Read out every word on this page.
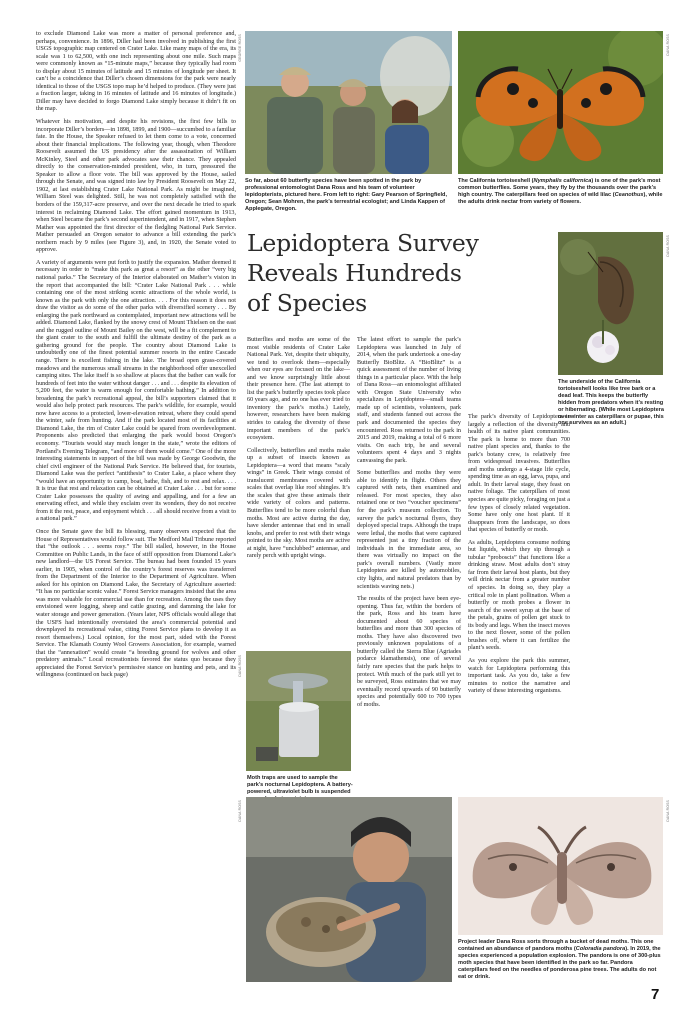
to exclude Diamond Lake was more a matter of personal preference and, perhaps, convenience. In 1896, Diller had been involved in publishing the first USGS topographic map centered on Crater Lake. Like many maps of the era, its scale was 1 to 62,500, with one inch representing about one mile. Such maps were commonly known as “15-minute maps,” because they typically had room to display about 15 minutes of latitude and 15 minutes of longitude per sheet. It can’t be a coincidence that Diller’s chosen dimensions for the park were nearly identical to those of the USGS topo map he’d helped to produce. (They were just a fraction larger, taking in 16 minutes of latitude and 16 minutes of longitude.) Diller may have decided to forgo Diamond Lake simply because it didn’t fit on the map.

Whatever his motivation, and despite his revisions, the first few bills to incorporate Diller’s borders—in 1898, 1899, and 1900—succumbed to a familiar fate. In the House, the Speaker refused to let them come to a vote, concerned about their financial implications. The following year, though, when Theodore Roosevelt assumed the US presidency after the assassination of William McKinley, Steel and other park advocates saw their chance. They appealed directly to the conservation-minded president, who, in turn, pressured the Speaker to allow a floor vote. The bill was approved by the House, sailed through the Senate, and was signed into law by President Roosevelt on May 22, 1902, at last establishing Crater Lake National Park. As might be imagined, William Steel was delighted. Still, he was not completely satisfied with the borders of the 159,317-acre preserve, and over the next decade he tried to spark interest in reclaiming Diamond Lake. The effort gained momentum in 1913, when Steel became the park’s second superintendent, and in 1917, when Stephen Mather was appointed the first director of the fledgling National Park Service. Mather persuaded an Oregon senator to advance a bill extending the park’s northern reach by 9 miles (see Figure 3), and, in 1920, the Senate voted to approve.

A variety of arguments were put forth to justify the expansion. Mather deemed it necessary in order to “make this park as great a resort” as the other “very big national parks.” The Secretary of the Interior elaborated on Mather’s vision in the report that accompanied the bill: “Crater Lake National Park . . . while containing one of the most striking scenic attractions of the whole world, is known as the park with only the one attraction. . . . For this reason it does not draw the visitor as do some of the other parks with diversified scenery . . . By enlarging the park northward as contemplated, important new attractions will be added. Diamond Lake, flanked by the snowy crest of Mount Thielsen on the east and the rugged outline of Mount Bailey on the west, will be a fit complement to the giant crater to the south and fulfill the ultimate destiny of the park as a gathering ground for the people. The country about Diamond Lake is undoubtedly one of the finest potential summer resorts in the entire Cascade range. There is excellent fishing in the lake. The broad open grass-covered meadows and the numerous small streams in the neighborhood offer unexcelled camping sites. The lake itself is so shallow at places that the bather can walk for hundreds of feet into the water without danger . . . and . . . despite its elevation of 5,200 feet, the water is warm enough for comfortable bathing.” In addition to broadening the park’s recreational appeal, the bill’s supporters claimed that it would also help protect park resources. The park’s wildlife, for example, would now have access to a protected, lower-elevation retreat, where they could spend the winter, safe from hunting. And if the park located most of its facilities at Diamond Lake, the rim of Crater Lake could be spared from overdevelopment. Proponents also predicted that enlarging the park would boost Oregon’s economy. “Tourists would stay much longer in the state,” wrote the editors of Portland’s Evening Telegram, “and more of them would come.” One of the more interesting statements in support of the bill was made by George Goodwin, the chief civil engineer of the National Park Service. He believed that, for tourists, Diamond Lake was the perfect “antithesis” to Crater Lake, a place where they “would have an opportunity to camp, boat, bathe, fish, and to rest and relax. . . . It is true that rest and relaxation can be obtained at Crater Lake . . . but for some Crater Lake possesses the quality of awing and appalling, and for a few an enervating effect, and while they exclaim over its wonders, they do not receive from it the rest, peace, and enjoyment which . . . all should receive from a visit to a national park.”

Once the Senate gave the bill its blessing, many observers expected that the House of Representatives would follow suit. The Medford Mail Tribune reported that “the outlook . . . seems rosy.” The bill stalled, however, in the House Committee on Public Lands, in the face of stiff opposition from Diamond Lake’s new landlord—the US Forest Service. The bureau had been founded 15 years earlier, in 1905, when control of the country’s forest reserves was transferred from the Department of the Interior to the Department of Agriculture. When asked for his opinion on Diamond Lake, the Secretary of Agriculture asserted: “It has no particular scenic value.” Forest Service managers insisted that the area was more valuable for commercial use than for recreation. Among the uses they envisioned were logging, sheep and cattle grazing, and damming the lake for water storage and power generation. (Years later, NPS officials would allege that the USFS had intentionally overstated the area’s commercial potential and downplayed its recreational value, citing Forest Service plans to develop it as resort themselves.) Local opinion, for the most part, sided with the Forest Service. The Klamath County Wool Growers Association, for example, warned that the “annexation” would create “a breeding ground for wolves and other predatory animals.” Local recreationists favored the status quo because they appreciated the Forest Service’s permissive stance on hunting and pets, and its willingness (continued on back page)

GEORGE ROSS
So far, about 60 butterfly species have been spotted in the park by professional entomologist Dana Ross and his team of volunteer lepidopterists, pictured here. From left to right: Gary Pearson of Springfield, Oregon; Sean Mohren, the park’s terrestrial ecologist; and Linda Kappen of Applegate, Oregon.
DANA ROSS
The California tortoiseshell (Nymphalis californica) is one of the park’s most common butterflies. Some years, they fly by the thousands over the park’s high country. The caterpillars feed on species of wild lilac (Ceanothus), while the adults drink nectar from variety of flowers.
Lepidoptera Survey
Reveals Hundreds
of Species
DANA ROSS
The underside of the California tortoiseshell looks like tree bark or a dead leaf. This keeps the butterfly hidden from predators when it’s resting or hibernating. (While most Lepidoptera overwinter as caterpillars or pupae, this one survives as an adult.)

Butterflies and moths are some of the most visible residents of Crater Lake National Park. Yet, despite their ubiquity, we tend to overlook them—especially when our eyes are focused on the lake—and we know surprisingly little about their presence here. (The last attempt to list the park’s butterfly species took place 60 years ago, and no one has ever tried to inventory the park’s moths.) Lately, however, researchers have been making strides to catalog the diversity of these important members of the park’s ecosystem.

Collectively, butterflies and moths make up a subset of insects known as Lepidoptera—a word that means “scaly wings” in Greek. Their wings consist of translucent membranes covered with scales that overlap like roof shingles. It’s the scales that give these animals their wide variety of colors and patterns. Butterflies tend to be more colorful than moths. Most are active during the day, have slender antennae that end in small knobs, and prefer to rest with their wings pointed to the sky. Most moths are active at night, have “unclubbed” antennae, and rarely perch with upright wings.

DANA ROSS
Moth traps are used to sample the park’s nocturnal Lepidoptera. A battery-powered, ultraviolet bulb is suspended

The latest effort to sample the park’s Lepidoptera was launched in July of 2014, when the park undertook a one-day Butterfly BioBlitz. A “BioBlitz” is a quick assessment of the number of living things in a particular place. With the help of Dana Ross—an entomologist affiliated with Oregon State University who specializes in Lepidoptera—small teams made up of scientists, volunteers, park staff, and students fanned out across the park and documented the species they encountered. Ross returned to the park in 2015 and 2019, making a total of 6 more visits. On each trip, he and several volunteers spent 4 days and 3 nights canvassing the park.

Some butterflies and moths they were able to identify in flight. Others they captured with nets, then examined and released. For most species, they also retained one or two “voucher specimens” for the park’s museum collection. To survey the park’s nocturnal flyers, they deployed special traps. Although the traps were lethal, the moths that were captured represented just a tiny fraction of the individuals in the immediate area, so there was virtually no impact on the park’s overall numbers. (Vastly more Lepidoptera are killed by automobiles, city lights, and natural predators than by scientists waving nets.)

The results of the project have been eye-opening. Thus far, within the borders of the park, Ross and his team have documented about 60 species of butterflies and more than 300 species of moths. They have also discovered two previously unknown populations of a butterfly called the Sierra Blue (Agriades podarce klamathensis), one of several fairly rare species that the park helps to protect. With much of the park still yet to be surveyed, Ross estimates that we may eventually record upwards of 90 butterfly species and potentially 600 to 700 types of moths.

The park’s diversity of Lepidoptera is largely a reflection of the diversity and health of its native plant communities. The park is home to more than 700 native plant species and, thanks to the park’s botany crew, is relatively free from widespread invasives. Butterflies and moths undergo a 4-stage life cycle, spending time as an egg, larva, pupa, and adult. In their larval stage, they feast on native foliage. The caterpillars of most species are quite picky, foraging on just a few types of closely related vegetation. Some have only one host plant. If it disappears from the landscape, so does that species of butterfly or moth.

As adults, Lepidoptera consume nothing but liquids, which they sip through a tubular “proboscis” that functions like a drinking straw. Most adults don’t stray far from their larval host plants, but they will drink nectar from a greater number of species. In doing so, they play a critical role in plant pollination. When a butterfly or moth probes a flower in search of the sweet syrup at the base of the petals, grains of pollen get stuck to its body and legs. When the insect moves to the next flower, some of the pollen brushes off, where it can fertilize the plant’s seeds.

As you explore the park this summer, watch for Lepidoptera performing this important task. As you do, take a few minutes to notice the narrative and variety of these interesting organisms.

DANA ROSS	DANA ROSS
Project leader Dana Ross sorts through a bucket of dead moths. This one contained an abundance of pandora moths (Coloradia pandora). In 2019, the species experienced a population explosion. The pandora is one of 300-plus moth species that have been identified in the park so far. Pandora caterpillars feed on the needles of ponderosa pine trees. The adults do not eat or drink.
7
